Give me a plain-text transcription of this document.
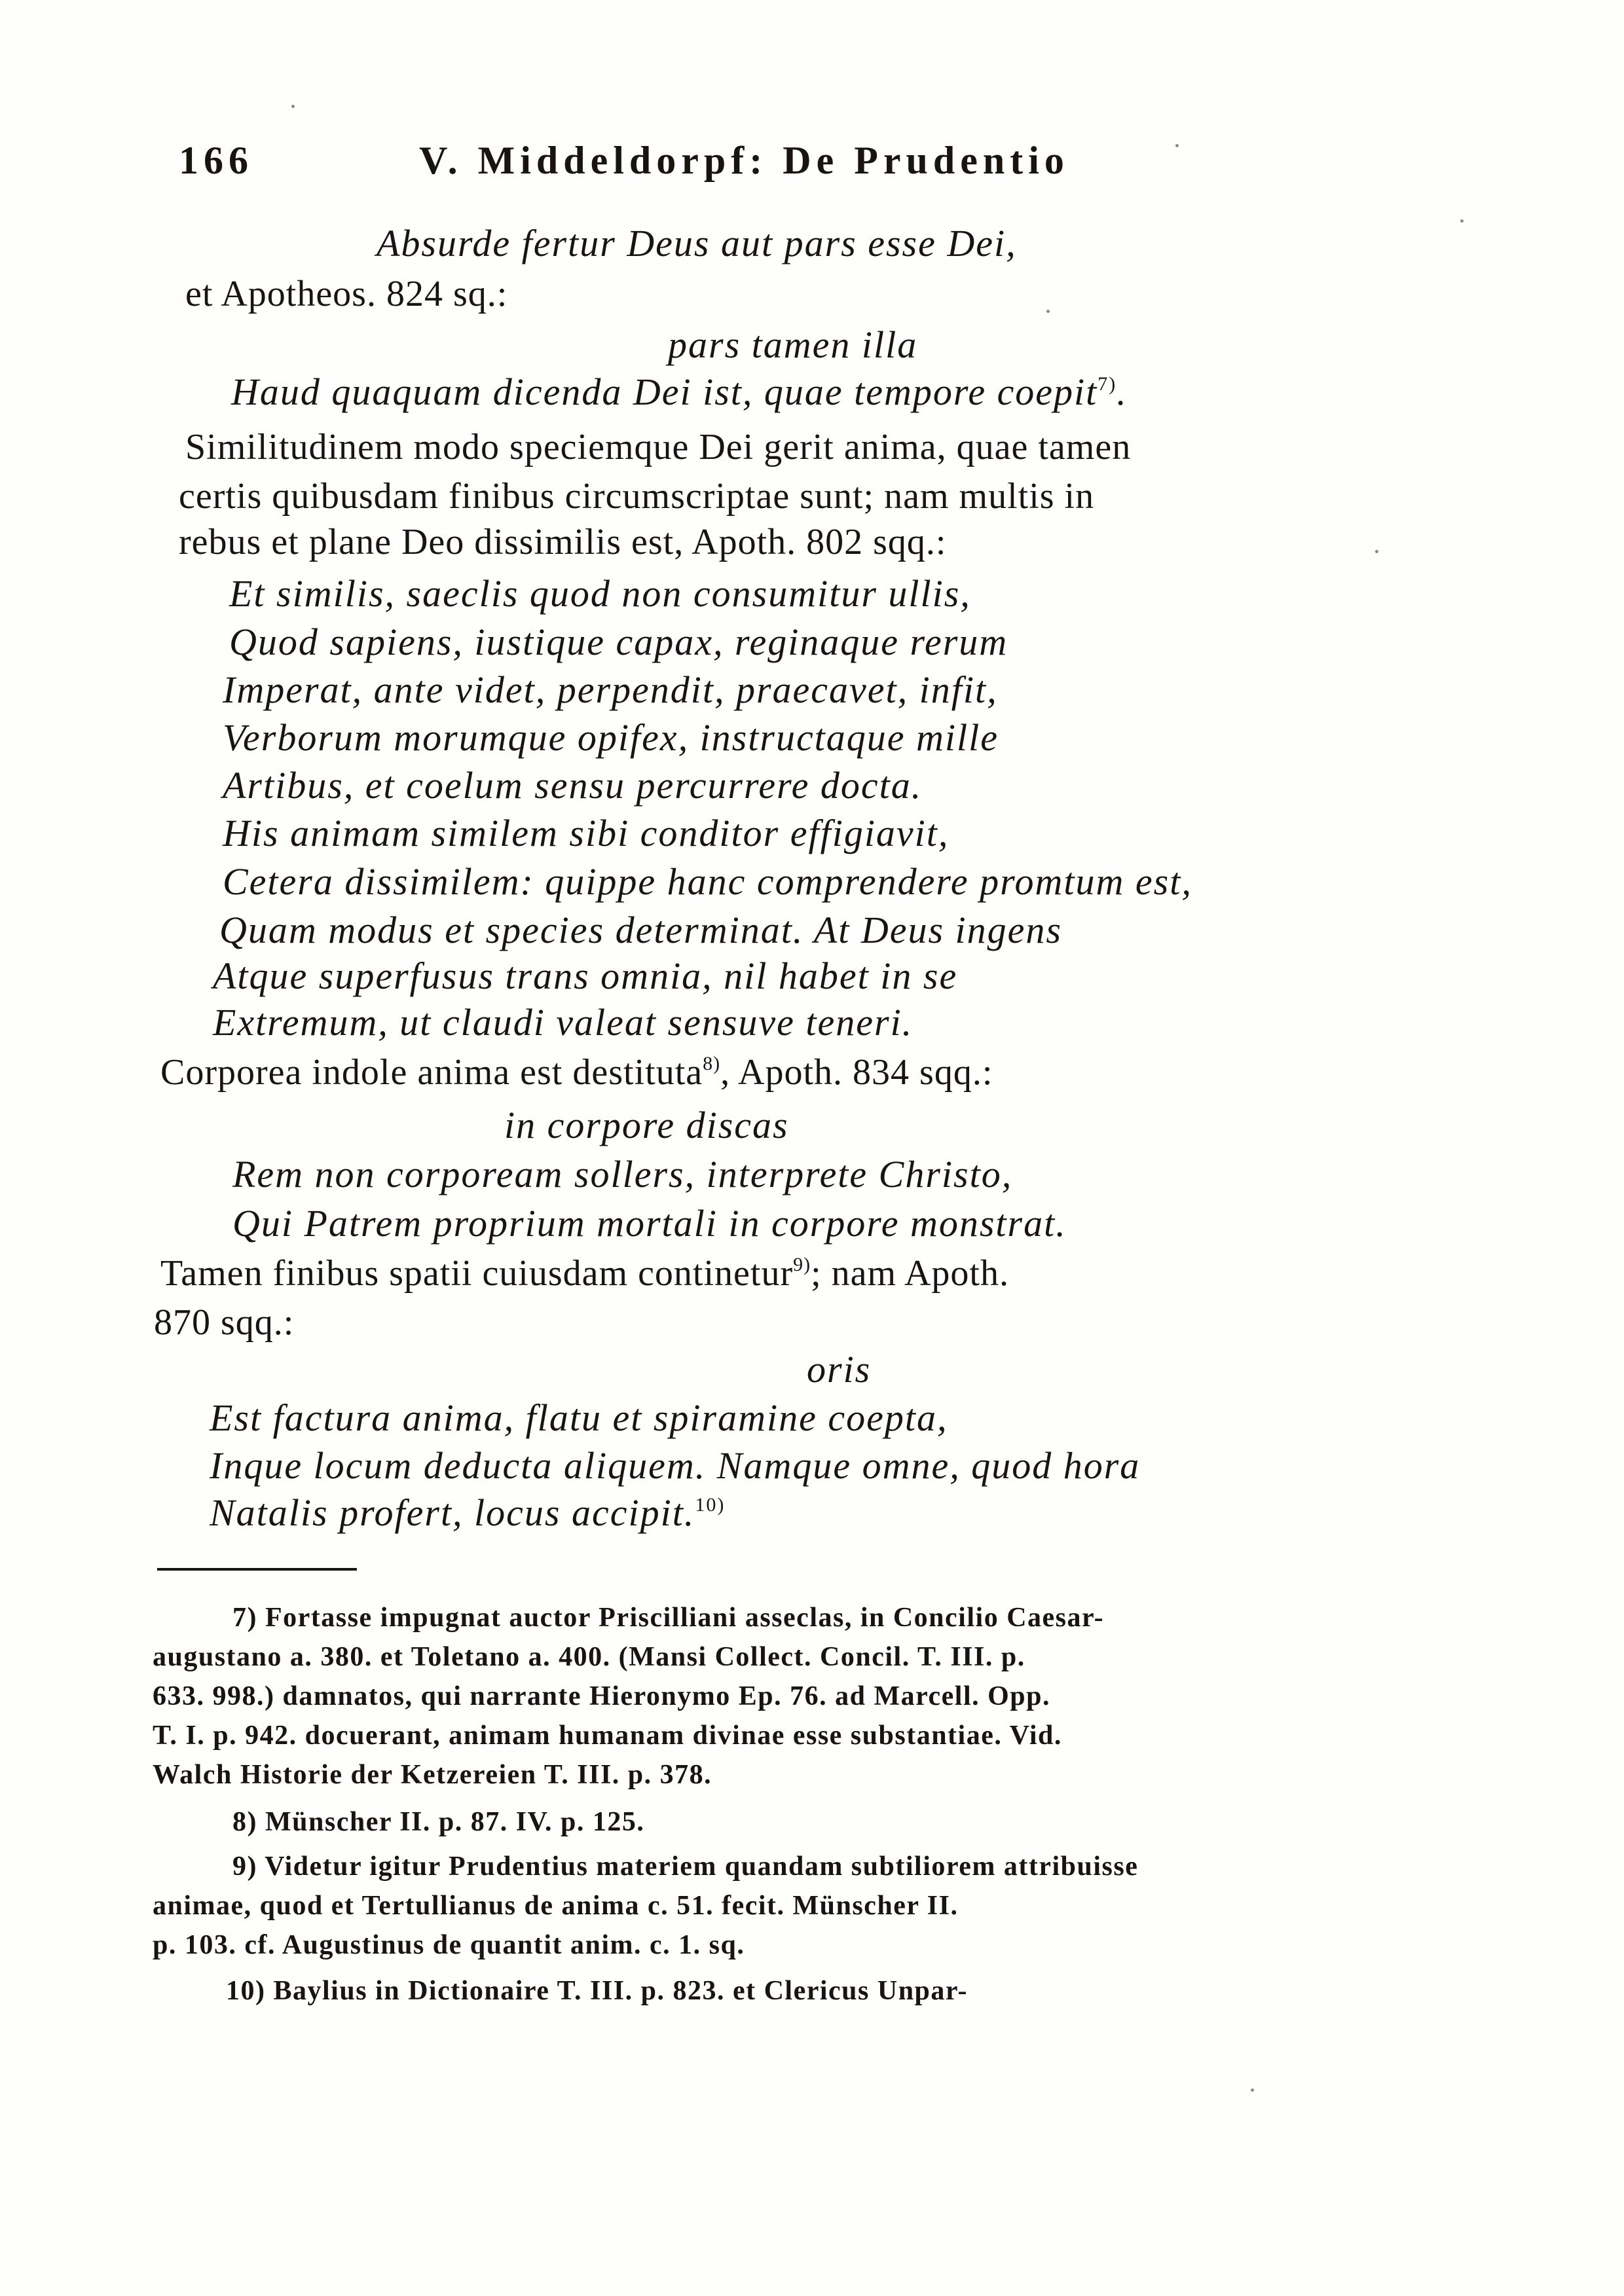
166	V. Middeldorpf: De Prudentio
Absurde fertur Deus aut pars esse Dei,
et Apotheos. 824 sq.:
pars tamen illa
Haud quaquam dicenda Dei ist, quae tempore coepit$^{7)}$.
Similitudinem modo speciemque Dei gerit anima, quae tamen
certis quibusdam finibus circumscriptae sunt; nam multis in
rebus et plane Deo dissimilis est, Apoth. 802 sqq.:
Et similis, saeclis quod non consumitur ullis,
Quod sapiens, iustique capax, reginaque rerum
Imperat, ante videt, perpendit, praecavet, infit,
Verborum morumque opifex, instructaque mille
Artibus, et coelum sensu percurrere docta.
His animam similem sibi conditor effigiavit,
Cetera dissimilem: quippe hanc comprendere promtum est,
Quam modus et species determinat. At Deus ingens
Atque superfusus trans omnia, nil habet in se
Extremum, ut claudi valeat sensuve teneri.
Corporea indole anima est destituta$^{8)}$, Apoth. 834 sqq.:
in corpore discas
Rem non corpoream sollers, interprete Christo,
Qui Patrem proprium mortali in corpore monstrat.
Tamen finibus spatii cuiusdam continetur$^{9)}$; nam Apoth.
870 sqq.:
oris
Est factura anima, flatu et spiramine coepta,
Inque locum deducta aliquem. Namque omne, quod hora
Natalis profert, locus accipit.$^{10)}$
7) Fortasse impugnat auctor Priscilliani asseclas, in Concilio Caesar-
augustano a. 380. et Toletano a. 400. (Mansi Collect. Concil. T. III. p.
633. 998.) damnatos, qui narrante Hieronymo Ep. 76. ad Marcell. Opp.
T. I. p. 942. docuerant, animam humanam divinae esse substantiae. Vid.
Walch Historie der Ketzereien T. III. p. 378.
8) Münscher II. p. 87. IV. p. 125.
9) Videtur igitur Prudentius materiem quandam subtiliorem attribuisse
animae, quod et Tertullianus de anima c. 51. fecit. Münscher II.
p. 103. cf. Augustinus de quantit anim. c. 1. sq.
10) Baylius in Dictionaire T. III. p. 823. et Clericus Unpar-
